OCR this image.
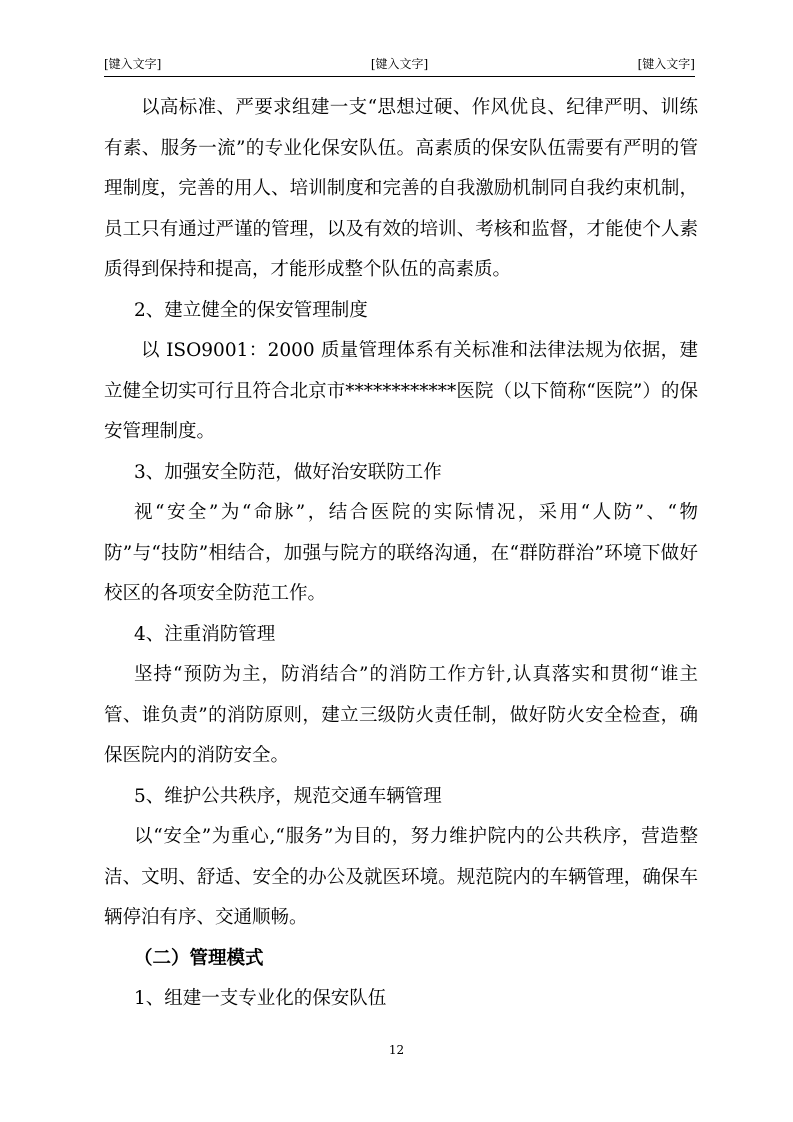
[键入文字]	[键入文字]	[键入文字]

以高标准、严要求组建一支“思想过硬、作风优良、纪律严明、训练有素、服务一流”的专业化保安队伍。高素质的保安队伍需要有严明的管理制度，完善的用人、培训制度和完善的自我激励机制同自我约束机制，员工只有通过严谨的管理，以及有效的培训、考核和监督，才能使个人素质得到保持和提高，才能形成整个队伍的高素质。

2、建立健全的保安管理制度

以 ISO9001：2000 质量管理体系有关标准和法律法规为依据，建立健全切实可行且符合北京市************医院（以下简称“医院”）的保安管理制度。

3、加强安全防范，做好治安联防工作

视“安全”为“命脉”，结合医院的实际情况，采用“人防”、“物防”与“技防”相结合，加强与院方的联络沟通，在“群防群治”环境下做好校区的各项安全防范工作。

4、注重消防管理

坚持“预防为主，防消结合”的消防工作方针,认真落实和贯彻“谁主管、谁负责”的消防原则，建立三级防火责任制，做好防火安全检查，确保医院内的消防安全。

5、维护公共秩序，规范交通车辆管理

以“安全”为重心,“服务”为目的，努力维护院内的公共秩序，营造整洁、文明、舒适、安全的办公及就医环境。规范院内的车辆管理，确保车辆停泊有序、交通顺畅。

（二）管理模式

1、组建一支专业化的保安队伍

12
